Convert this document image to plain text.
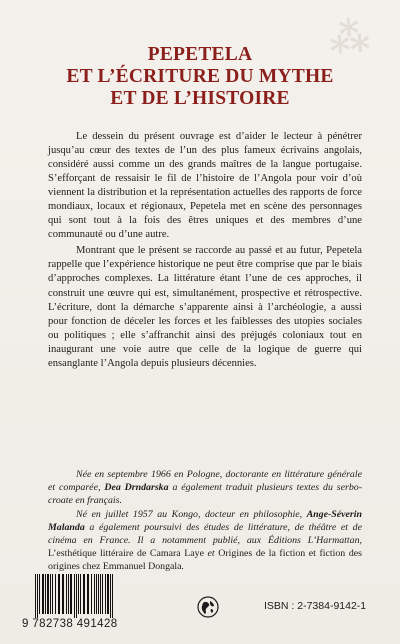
⁂
PEPETELA
ET L’ÉCRITURE DU MYTHE
ET DE L’HISTOIRE

Le dessein du présent ouvrage est d’aider le lecteur à pénétrer jusqu’au cœur des textes de l’un des plus fameux écrivains angolais, considéré aussi comme un des grands maîtres de la langue portugaise. S’efforçant de ressaisir le fil de l’histoire de l’Angola pour voir d’où viennent la distribution et la représentation actuelles des rapports de force mondiaux, locaux et régionaux, Pepetela met en scène des personnages qui sont tout à la fois des êtres uniques et des membres d’une communauté ou d’une autre.

Montrant que le présent se raccorde au passé et au futur, Pepetela rappelle que l’expérience historique ne peut être comprise que par le biais d’approches complexes. La littérature étant l’une de ces approches, il construit une œuvre qui est, simultanément, prospective et rétrospective. L’écriture, dont la démarche s’apparente ainsi à l’archéologie, a aussi pour fonction de déceler les forces et les faiblesses des utopies sociales ou politiques ; elle s’affranchit ainsi des préjugés coloniaux tout en inaugurant une voie autre que celle de la logique de guerre qui ensanglante l’Angola depuis plusieurs décennies.

Née en septembre 1966 en Pologne, doctorante en littérature générale et comparée, Dea Drndarska a également traduit plusieurs textes du serbo-croate en français.

Né en juillet 1957 au Kongo, docteur en philosophie, Ange-Séverin Malanda a également poursuivi des études de littérature, de théâtre et de cinéma en France. Il a notamment publié, aux Éditions L’Harmattan, L’esthétique littéraire de Camara Laye et Origines de la fiction et fiction des origines chez Emmanuel Dongala.

9 782738 491428
ISBN : 2-7384-9142-1
